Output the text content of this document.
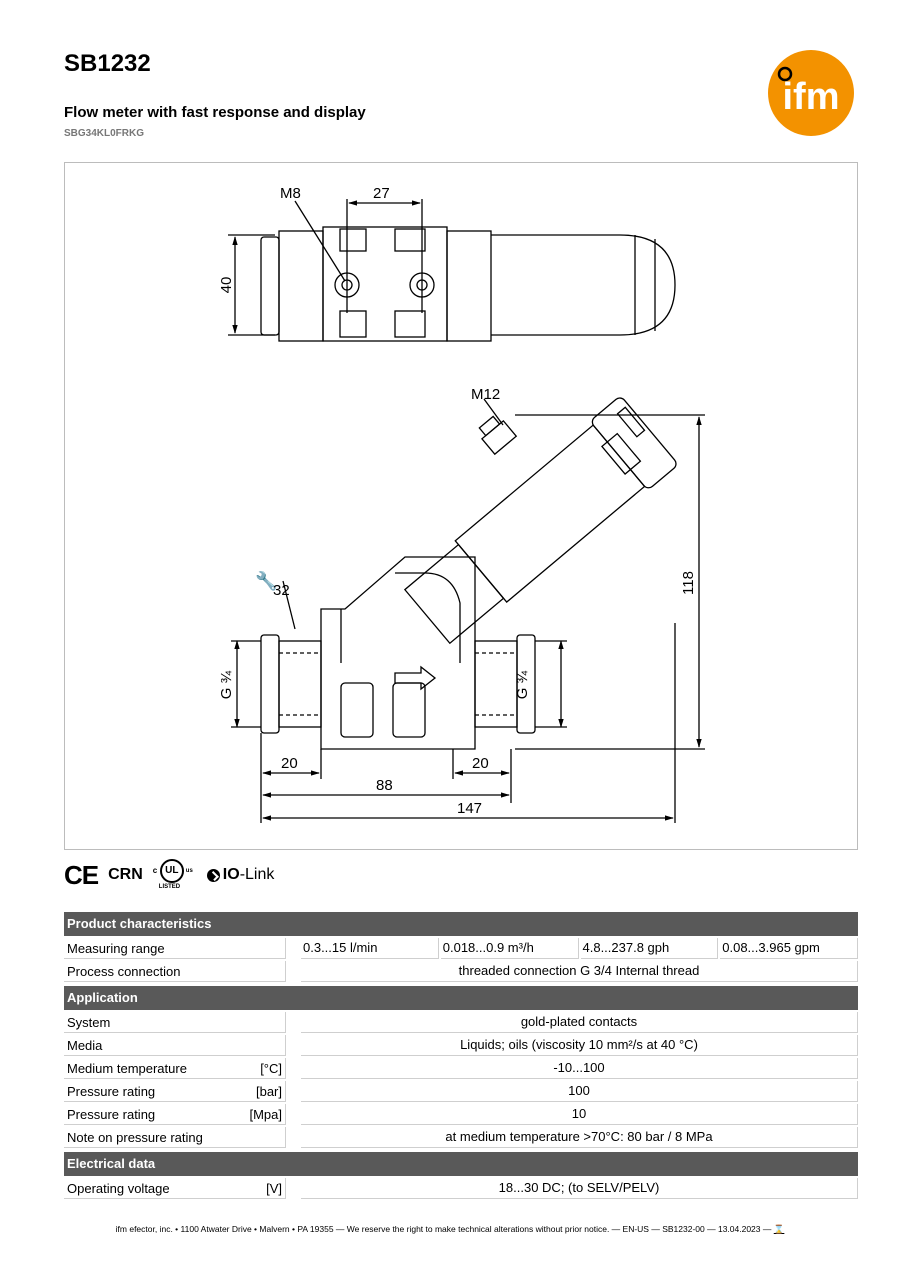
SB1232
Flow meter with fast response and display
SBG34KL0FRKG
ifm
M8	27
40
M12
🔧
32
G ¾	G ¾
118
20	20
88
147
CE CRN c UL	us
LISTED
IO -Link
Product characteristics
Measuring range	0.3...15 l/min	0.018...0.9 m³/h	4.8...237.8 gph	0.08...3.965 gpm
Process connection	threaded connection G 3/4 Internal thread
Application
System	gold-plated contacts
Media	Liquids; oils (viscosity 10 mm²/s at 40 °C)
Medium temperature	[°C]	-10...100
Pressure rating	[bar]	100
Pressure rating	[Mpa]	10
Note on pressure rating	at medium temperature >70°C: 80 bar / 8 MPa
Electrical data
Operating voltage	[V]	18...30 DC; (to SELV/PELV)
ifm efector, inc. • 1100 Atwater Drive • Malvern • PA 19355 — We reserve the right to make technical alterations without prior notice. — EN-US — SB1232-00 — 13.04.2023 — ⌛
